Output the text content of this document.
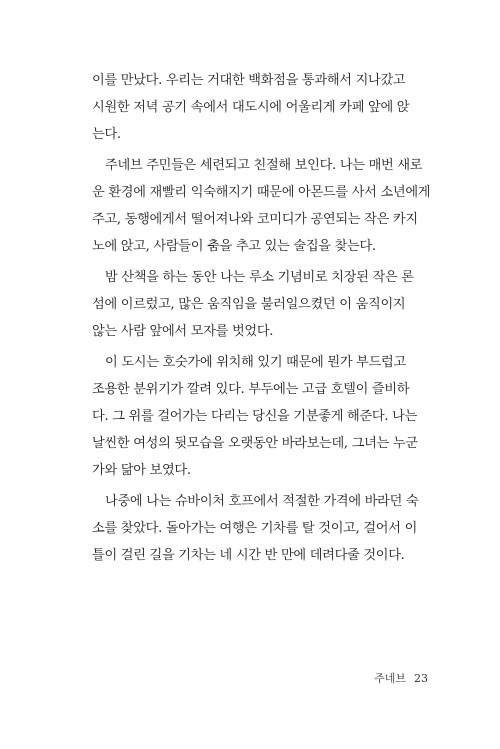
이를 만났다. 우리는 거대한 백화점을 통과해서 지나갔고
시원한 저녁 공기 속에서 대도시에 어울리게 카페 앞에 앉
는다.
주네브 주민들은 세련되고 친절해 보인다. 나는 매번 새로
운 환경에 재빨리 익숙해지기 때문에 아몬드를 사서 소년에게
주고, 동행에게서 떨어져나와 코미디가 공연되는 작은 카지
노에 앉고, 사람들이 춤을 추고 있는 술집을 찾는다.
밤 산책을 하는 동안 나는 루소 기념비로 치장된 작은 론
섬에 이르렀고, 많은 움직임을 불러일으켰던 이 움직이지
않는 사람 앞에서 모자를 벗었다.
이 도시는 호숫가에 위치해 있기 때문에 뭔가 부드럽고
조용한 분위기가 깔려 있다. 부두에는 고급 호텔이 즐비하
다. 그 위를 걸어가는 다리는 당신을 기분좋게 해준다. 나는
날씬한 여성의 뒷모습을 오랫동안 바라보는데, 그녀는 누군
가와 닮아 보였다.
나중에 나는 슈바이처 호프에서 적절한 가격에 바라던 숙
소를 찾았다. 돌아가는 여행은 기차를 탈 것이고, 걸어서 이
틀이 걸린 길을 기차는 네 시간 반 만에 데려다줄 것이다.
주네브 23
